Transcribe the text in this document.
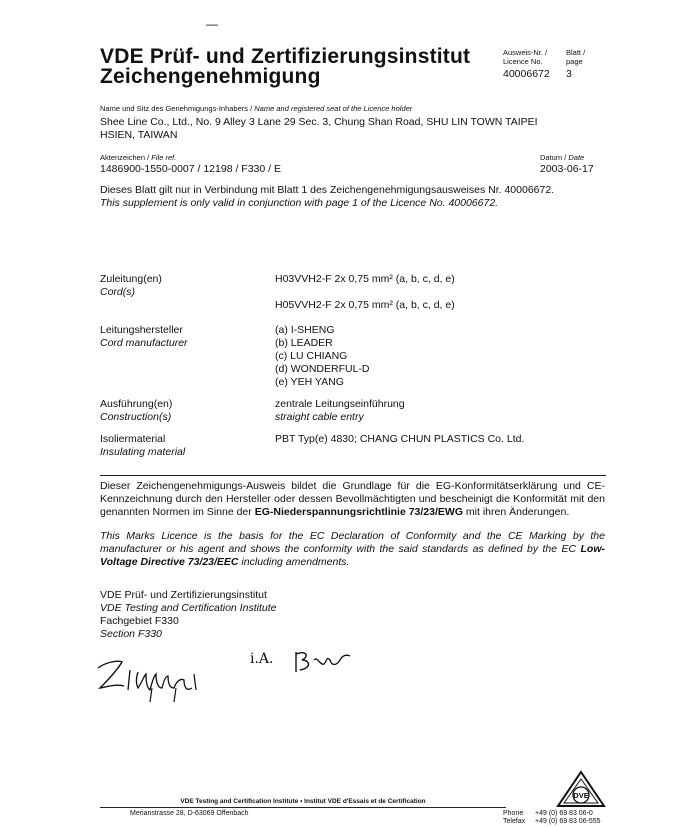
—
VDE Prüf- und Zertifizierungsinstitut
Zeichengenehmigung
Ausweis-Nr. /
Licence No.
Blatt /
page
40006672 3
Name und Sitz des Genehmigungs-Inhabers / Name and registered seat of the Licence holder
Shee Line Co., Ltd., No. 9 Alley 3 Lane 29 Sec. 3, Chung Shan Road, SHU LIN TOWN TAIPEI
HSIEN, TAIWAN
Aktenzeichen / File ref.
1486900-1550-0007 / 12198 / F330 / E
Datum / Date
2003-06-17
Dieses Blatt gilt nur in Verbindung mit Blatt 1 des Zeichengenehmigungsausweises Nr. 40006672.
This supplement is only valid in conjunction with page 1 of the Licence No. 40006672.
Zuleitung(en)
Cord(s)
H03VVH2-F 2x 0,75 mm² (a, b, c, d, e)
H05VVH2-F 2x 0,75 mm² (a, b, c, d, e)
Leitungshersteller
Cord manufacturer
(a) I-SHENG
(b) LEADER
(c) LU CHIANG
(d) WONDERFUL-D
(e) YEH YANG
Ausführung(en)
Construction(s)
zentrale Leitungseinführung
straight cable entry
Isoliermaterial
Insulating material
PBT Typ(e) 4830; CHANG CHUN PLASTICS Co. Ltd.
Dieser Zeichengenehmigungs-Ausweis bildet die Grundlage für die EG-Konformitätserklärung und CE-Kennzeichnung durch den Hersteller oder dessen Bevollmächtigten und bescheinigt die Konformität mit den genannten Normen im Sinne der EG-Niederspannungsrichtlinie 73/23/EWG mit ihren Änderungen.
This Marks Licence is the basis for the EC Declaration of Conformity and the CE Marking by the manufacturer or his agent and shows the conformity with the said standards as defined by the EC Low-Voltage Directive 73/23/EEC including amendments.
VDE Prüf- und Zertifizierungsinstitut
VDE Testing and Certification Institute
Fachgebiet F330
Section F330
i.A.
VDE Testing and Certification Institute • Institut VDE d'Essais et de Certification
Merianstrasse 28, D-63069 Offenbach	Phone +49 (0) 69 83 06-0
Telefax +49 (0) 69 83 06-555
DVE
